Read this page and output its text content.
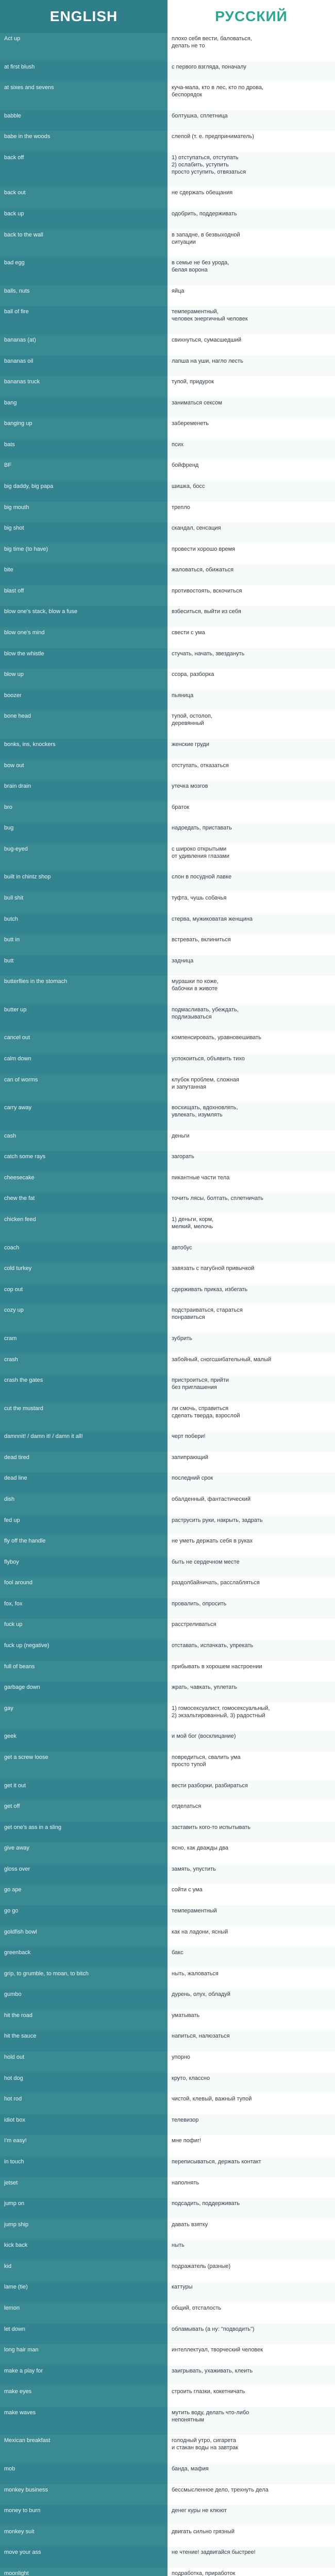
ENGLISH	РУССКИЙ
Act up	плохо себя вести, баловаться,
делать не то
at first blush	с первого взгляда, поначалу
at sixes and sevens	кучa-мала, кто в лес, кто по дрова,
беспорядок
babble	болтушка, сплетница
babe in the woods	слепой (т. е. предприниматель)
back off	1) отступаться, отступать
2) ослабить, уступить
просто уступить, отвязаться
back out	не сдержать обещания
back up	одобрить, поддерживать
back to the wall	в западне, в безвыходной
ситуации
bad egg	в семье не без урода,
белая ворона
balls, nuts	яйца
ball of fire	темпераментный,
человек энергичный человек
bananas (at)	свихнуться, сумасшедший
bananas oil	лапша на уши, нагло лесть
bananas truck	тупой, придурок
bang	заниматься сексом
banging up	забеременеть
bats	псих
BF	бойфренд
big daddy, big papa	шишка, босс
big mouth	трепло
big shot	скандал, сенсация
big time (to have)	провести хорошо время
bite	жаловаться, обижаться
blast off	противостоять, вскочиться
blow one's stack, blow a fuse	взбеситься, выйти из себя
blow one's mind	свести с ума
blow the whistle	стучать, начать, звездануть
blow up	ссора, разборка
boozer	пьяница
bone head	тупой, остолоп,
деревянный
bonks, ins, knockers	женские груди
bow out	отступать, отказаться
brain drain	утечка мозгов
bro	браток
bug	надоедать, приставать
bug-eyed	с широко открытыми
от удивления глазами
built in chintz shop	слон в посудной лавке
bull shit	туфта, чушь собачья
butch	стерва, мужиковатая женщина
butt in	встревать, вклиниться
butt	задница
butterflies in the stomach	мурашки по коже,
бабочки в животе
butter up	подмасливать, убеждать,
подлизываться
cancel out	компенсировать, уравновешивать
calm down	успокоиться, объявить тихо
can of worms	клубок проблем, сложная
и запутанная
carry away	восхищать, вдохновлять,
увлекать, изумлять
cash	деньги
catch some rays	загорать
cheesecake	пикантные части тела
chew the fat	точить лясы, болтать, сплетничать
chicken feed	1) деньги, корм,
мелкий, мелочь
coach	автобус
cold turkey	завязать с пагубной привычкой
cop out	сдерживать приказ, избегать
cozy up	подстраиваться, стараться
понравиться
cram	зубрить
crash	забойный, сногсшибательный, малый
crash the gates	пристроиться, прийти
без приглашения
cut the mustard	ли смочь, справиться
сделать тверда, взрослой
damnnit! / damn it! / damn it all!	черт побери!
dead tired	запипрающий
dead line	последний срок
dish	обалденный, фантастический
fed up	раструсить руки, накрыть, задрать
fly off the handle	не уметь держать себя в руках
flyboy	быть не сердечном месте
fool around	раздолбайничать, расслабляться
fox, fox	провалить, опросить
fuck up	расстреливаться
fuck up (negative)	отставать, испачкать, упрекать
full of beans	прибывать в хорошем настроении
garbage down	жрать, чавкать, уплетать
gay	1) гомосексуалист, гомосексуальный,
2) экзальтированный, 3) радостный
geek	и мой бог (восклицание)
get a screw loose	повредиться, свалить ума
просто тупой
get it out	вести разборки, разбираться
get off	отделаться
get one's ass in a sling	заставить кого-то испытывать
give away	ясно, как дважды два
gloss over	замять, упустить
go ape	сойти с ума
go go	темпераментный
goldfish bowl	как на ладони, ясный
greenback	бакс
grip, to grumble, to moan, to bitch	ныть, жаловаться
gumbo	дурень, олух, обладуй
hit the road	уматывать
hit the sauce	напиться, налюзаться
hold out	упорно
hot dog	круто, классно
hot rod	чистой, клевый, важный тупой
idiot box	телевизор
I'm easy!	мне пофиг!
in touch	переписываться, держать контакт
jetset	наполнять
jump on	подсадить, поддерживать
jump ship	давать взятку
kick back	ныть
kid	подражатель (разные)
lame (tie)	каттуры
lemon	общий, отсталость
let down	обламывать (а ну: "подводить")
long hair man	интеллектуал, творческий человек
make a play for	заигрывать, ухаживать, клеить
make eyes	строить глазки, кокетничать
make waves	мутить воду, делать что-либо
непонятным
Mexican breakfast	голодный утро, сигарета
и стакан воды на завтрак
mob	банда, мафия
monkey business	бессмысленное дело, трехнуть дела
money to burn	денег куры не клюют
monkey suit	двигать сильно грязный
move your ass	не чтение! задвигайся быстрее!
moonlight	подработка, приработок
